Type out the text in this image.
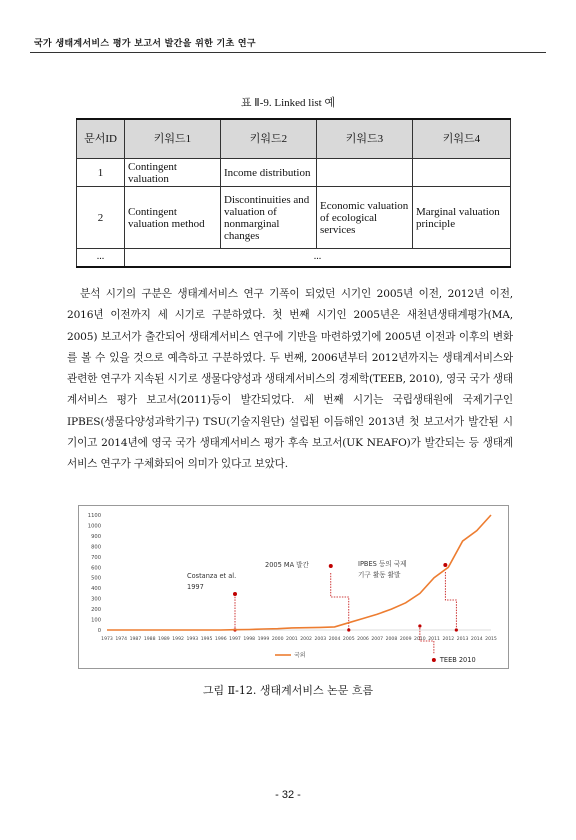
국가 생태계서비스 평가 보고서 발간을 위한 기초 연구
표 Ⅱ-9. Linked list 예
문서ID	키워드1	키워드2	키워드3	키워드4
1	Contingent valuation	Income distribution		
2	Contingent valuation method	Discontinuities and valuation of nonmarginal changes	Economic valuation of ecological services	Marginal valuation principle
...	...			
분석 시기의 구분은 생태계서비스 연구 기폭이 되었던 시기인 2005년 이전, 2012년 이전, 2016년 이전까지 세 시기로 구분하였다. 첫 번째 시기인 2005년은 새천년생태계평가(MA, 2005) 보고서가 출간되어 생태계서비스 연구에 기반을 마련하였기에 2005년 이전과 이후의 변화를 볼 수 있을 것으로 예측하고 구분하였다. 두 번째, 2006년부터 2012년까지는 생태계서비스와 관련한 연구가 지속된 시기로 생물다양성과 생태계서비스의 경제학(TEEB, 2010), 영국 국가 생태계서비스 평가 보고서(2011)등이 발간되었다. 세 번째 시기는 국립생태원에 국제기구인 IPBES(생물다양성과학기구) TSU(기술지원단) 설립된 이듬해인 2013년 첫 보고서가 발간된 시기이고 2014년에 영국 국가 생태계서비스 평가 후속 보고서(UK NEAFO)가 발간되는 등 생태계서비스 연구가 구체화되어 의미가 있다고 보았다.
0
100
200
300
400
500
600
700
800
900
1000
1100
1973 1974 1987 1988 1989 1992 1993 1995 1996 1997 1998 1999 2000 2001 2002 2003 2004 2005 2006 2007 2008 2009 2010 2011 2012 2013 2014 2015
Costanza et al.
1997
2005 MA 발간	IPBES 등의 국제
기구 활동 활발
TEEB 2010
국외
그림 Ⅱ-12. 생태계서비스 논문 흐름
- 32 -
